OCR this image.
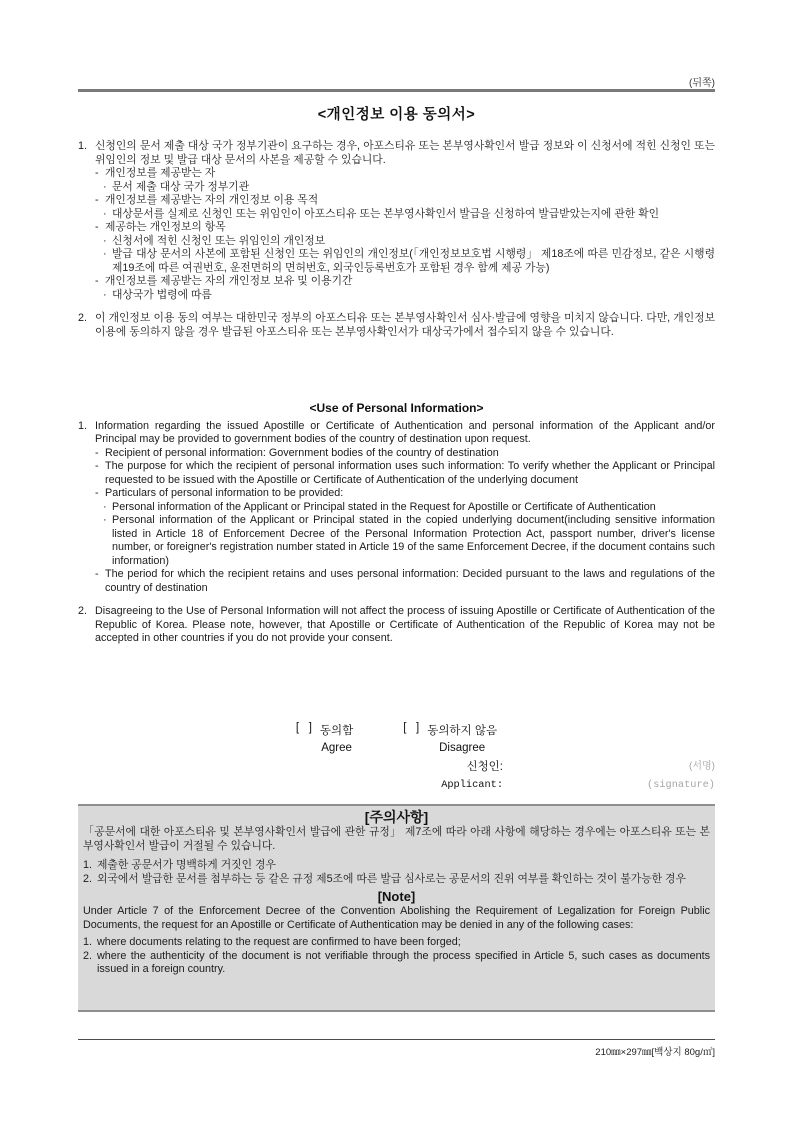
(뒤쪽)
<개인정보 이용 동의서>
1. 신청인의 문서 제출 대상 국가 정부기관이 요구하는 경우, 아포스티유 또는 본부영사확인서 발급 정보와 이 신청서에 적힌 신청인 또는 위임인의 정보 및 발급 대상 문서의 사본을 제공할 수 있습니다.
- 개인정보를 제공받는 자
· 문서 제출 대상 국가 정부기관
- 개인정보를 제공받는 자의 개인정보 이용 목적
· 대상문서를 실제로 신청인 또는 위임인이 아포스티유 또는 본부영사확인서 발급을 신청하여 발급받았는지에 관한 확인
- 제공하는 개인정보의 항목
· 신청서에 적힌 신청인 또는 위임인의 개인정보
· 발급 대상 문서의 사본에 포함된 신청인 또는 위임인의 개인정보(「개인정보보호법 시행령」 제18조에 따른 민감정보, 같은 시행령 제19조에 따른 여권번호, 운전면허의 면허번호, 외국인등록번호가 포함된 경우 함께 제공 가능)
- 개인정보를 제공받는 자의 개인정보 보유 및 이용기간
· 대상국가 법령에 따름
2. 이 개인정보 이용 동의 여부는 대한민국 정부의 아포스티유 또는 본부영사확인서 심사·발급에 영향을 미치지 않습니다. 다만, 개인정보 이용에 동의하지 않을 경우 발급된 아포스티유 또는 본부영사확인서가 대상국가에서 접수되지 않을 수 있습니다.
<Use of Personal Information>
1. Information regarding the issued Apostille or Certificate of Authentication and personal information of the Applicant and/or Principal may be provided to government bodies of the country of destination upon request.
- Recipient of personal information: Government bodies of the country of destination
- The purpose for which the recipient of personal information uses such information: To verify whether the Applicant or Principal requested to be issued with the Apostille or Certificate of Authentication of the underlying document
- Particulars of personal information to be provided:
· Personal information of the Applicant or Principal stated in the Request for Apostille or Certificate of Authentication
· Personal information of the Applicant or Principal stated in the copied underlying document(including sensitive information listed in Article 18 of Enforcement Decree of the Personal Information Protection Act, passport number, driver's license number, or foreigner's registration number stated in Article 19 of the same Enforcement Decree, if the document contains such information)
- The period for which the recipient retains and uses personal information: Decided pursuant to the laws and regulations of the country of destination
2. Disagreeing to the Use of Personal Information will not affect the process of issuing Apostille or Certificate of Authentication of the Republic of Korea. Please note, however, that Apostille or Certificate of Authentication of the Republic of Korea may not be accepted in other countries if you do not provide your consent.
[   ] 동의함
Agree
[   ] 동의하지 않음
Disagree
신청인:
Applicant:
(서명)
(signature)
[주의사항]
「공문서에 대한 아포스티유 및 본부영사확인서 발급에 관한 규정」 제7조에 따라 아래 사항에 해당하는 경우에는 아포스티유 또는 본부영사확인서 발급이 거절될 수 있습니다.
1. 제출한 공문서가 명백하게 거짓인 경우
2. 외국에서 발급한 문서를 첨부하는 등 같은 규정 제5조에 따른 발급 심사로는 공문서의 진위 여부를 확인하는 것이 불가능한 경우
[Note]
Under Article 7 of the Enforcement Decree of the Convention Abolishing the Requirement of Legalization for Foreign Public Documents, the request for an Apostille or Certificate of Authentication may be denied in any of the following cases:
1. where documents relating to the request are confirmed to have been forged;
2. where the authenticity of the document is not verifiable through the process specified in Article 5, such cases as documents issued in a foreign country.
210㎜×297㎜[백상지 80g/㎡]
